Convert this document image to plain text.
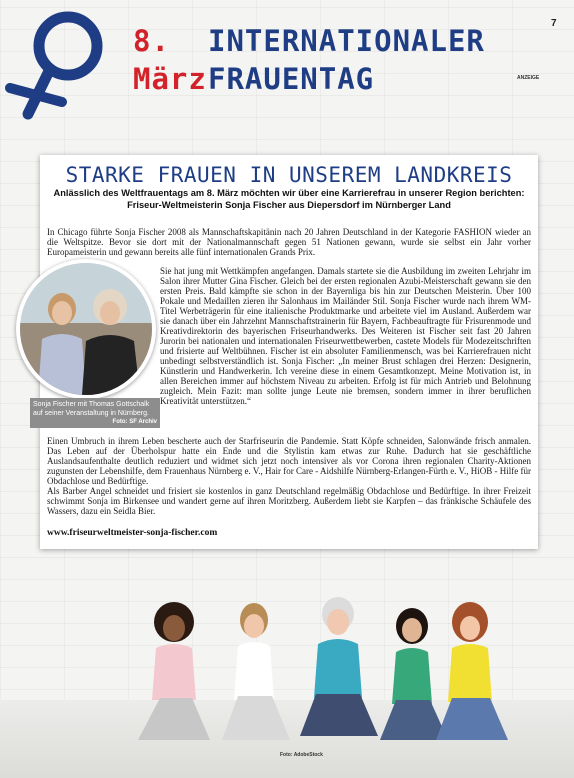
7
8.
März
INTERNATIONALER
FRAUENTAG	ANZEIGE
STARKE FRAUEN IN UNSEREM LANDKREIS
Anlässlich des Weltfrauentags am 8. März möchten wir über eine Karrierefrau in unserer Region berichten: Friseur-Weltmeisterin Sonja Fischer aus Diepersdorf im Nürnberger Land

In Chicago führte Sonja Fischer 2008 als Mannschaftskapitänin nach 20 Jahren Deutschland in der Kategorie FASHION wieder an die Weltspitze. Bevor sie dort mit der Nationalmannschaft gegen 51 Nationen gewann, wurde sie selbst ein Jahr vorher Europameisterin und gewann bereits alle fünf internationalen Grands Prix.

Sie hat jung mit Wettkämpfen angefangen. Damals startete sie die Ausbildung im zweiten Lehrjahr im Salon ihrer Mutter Gina Fischer. Gleich bei der ersten regionalen Azubi-Meisterschaft gewann sie den ersten Preis. Bald kämpfte sie schon in der Bayernliga bis hin zur Deutschen Meisterin. Über 100 Pokale und Medaillen zieren ihr Salonhaus im Mailänder Stil. Sonja Fischer wurde nach ihrem WM-Titel Werbeträgerin für eine italienische Produktmarke und arbeitete viel im Ausland. Außerdem war sie danach über ein Jahrzehnt Mannschaftstrainerin für Bayern, Fachbeauftragte für Frisurenmode und Kreativdirektorin des bayerischen Friseurhandwerks. Des Weiteren ist Fischer seit fast 20 Jahren Jurorin bei nationalen und internationalen Friseurwettbewerben, castete Models für Modezeitschriften und frisierte auf Weltbühnen. Fischer ist ein absoluter Familienmensch, was bei Karrierefrauen nicht unbedingt selbstverständlich ist. Sonja Fischer: „In meiner Brust schlagen drei Herzen: Designerin, Künstlerin und Handwerkerin. Ich vereine diese in einem Gesamtkonzept. Meine Motivation ist, in allen Bereichen immer auf höchstem Niveau zu arbeiten. Erfolg ist für mich Antrieb und Belohnung zugleich. Mein Fazit: man sollte junge Leute nie bremsen, sondern immer in ihrer beruflichen Kreativität unterstützen.“

Einen Umbruch in ihrem Leben bescherte auch der Starfriseurin die Pandemie. Statt Köpfe schneiden, Salonwände frisch anmalen. Das Leben auf der Überholspur hatte ein Ende und die Stylistin kam etwas zur Ruhe. Dadurch hat sie geschäftliche Auslandsaufenthalte deutlich reduziert und widmet sich jetzt noch intensiver als vor Corona ihren regionalen Charity-Aktionen zugunsten der Lebenshilfe, dem Frauenhaus Nürnberg e. V., Hair for Care - Aidshilfe Nürnberg-Erlangen-Fürth e. V., HiOB - Hilfe für Obdachlose und Bedürftige.

Als Barber Angel schneidet und frisiert sie kostenlos in ganz Deutschland regelmäßig Obdachlose und Bedürftige. In ihrer Freizeit schwimmt Sonja im Birkensee und wandert gerne auf ihren Moritzberg. Außerdem liebt sie Karpfen – das fränkische Schäufele des Wassers, dazu ein Seidla Bier.

www.friseurweltmeister-sonja-fischer.com
Sonja Fischer mit Thomas Gottschalk auf seiner Veranstaltung in Nürnberg.
Foto: SF Archiv
Foto: AdobeStock
